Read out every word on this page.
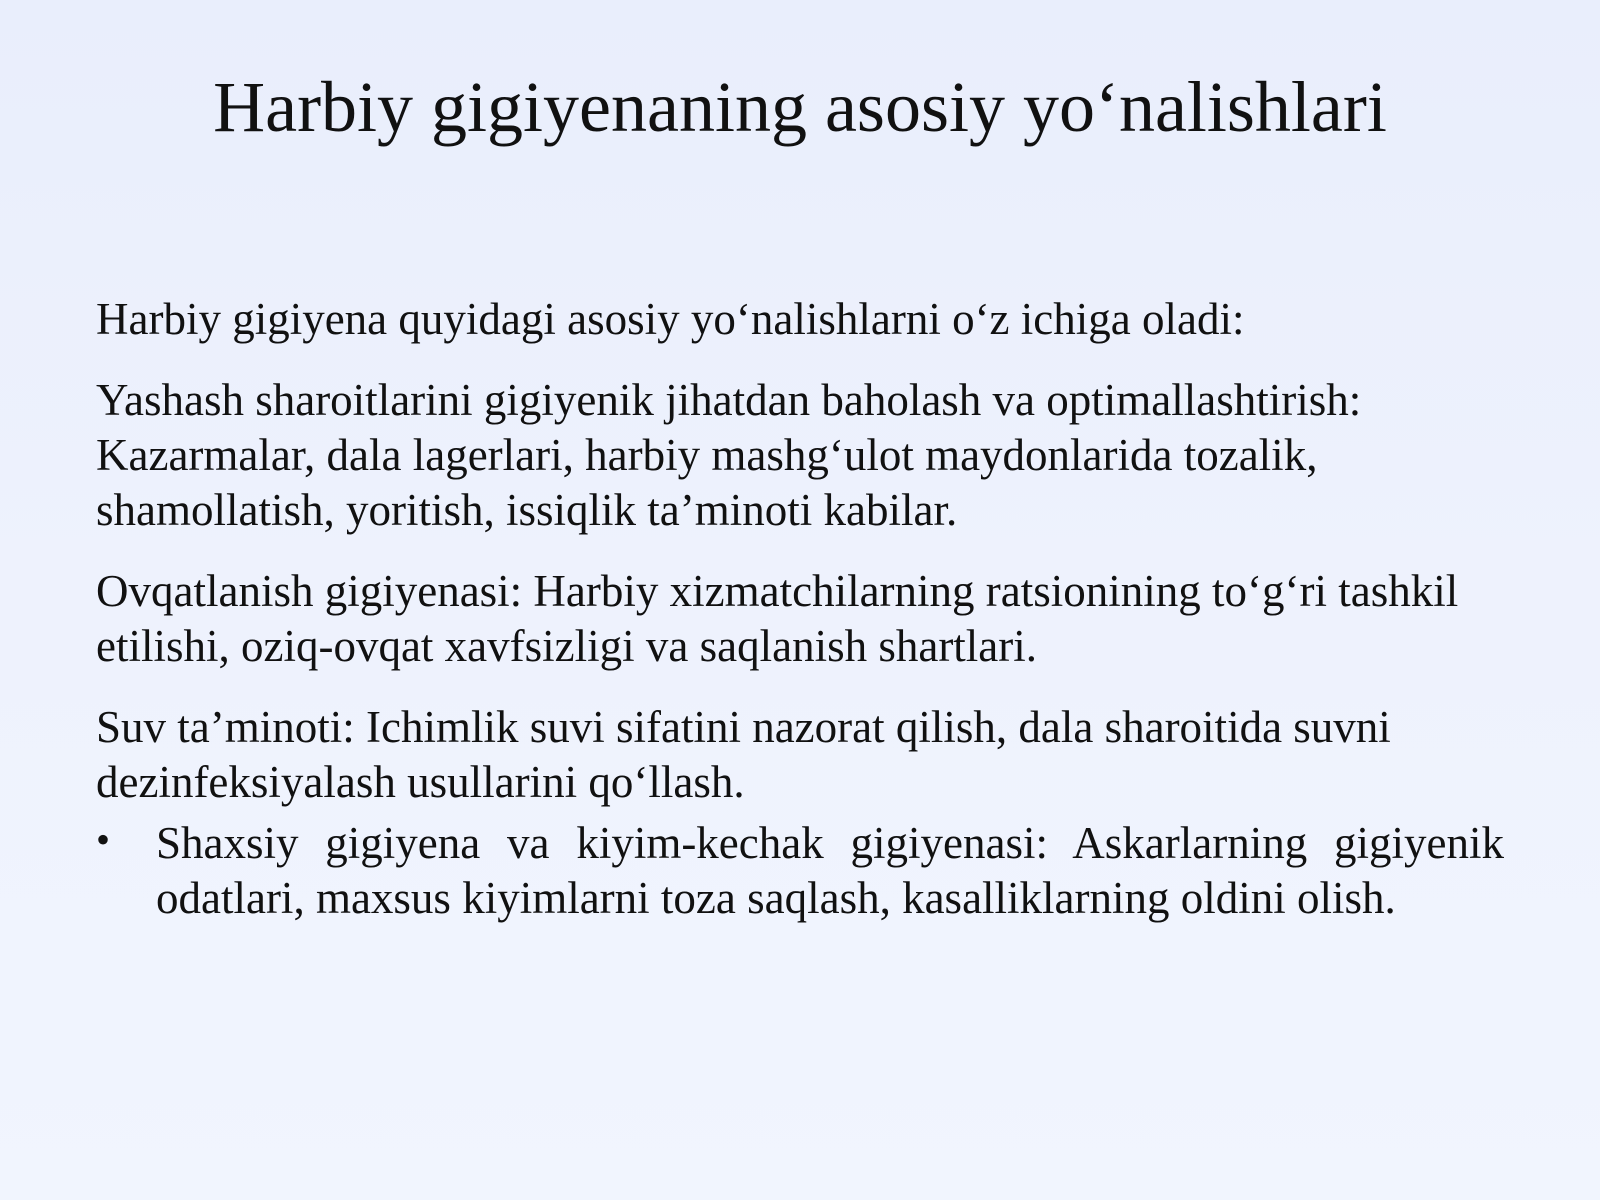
Harbiy gigiyenaning asosiy yo‘nalishlari

Harbiy gigiyena quyidagi asosiy yo‘nalishlarni o‘z ichiga oladi:

Yashash sharoitlarini gigiyenik jihatdan baholash va optimallashtirish: Kazarmalar, dala lagerlari, harbiy mashg‘ulot maydonlarida tozalik, shamollatish, yoritish, issiqlik ta’minoti kabilar.

Ovqatlanish gigiyenasi: Harbiy xizmatchilarning ratsionining to‘g‘ri tashkil etilishi, oziq-ovqat xavfsizligi va saqlanish shartlari.

Suv ta’minoti: Ichimlik suvi sifatini nazorat qilish, dala sharoitida suvni dezinfeksiyalash usullarini qo‘llash.

• Shaxsiy gigiyena va kiyim-kechak gigiyenasi: Askarlarning gigiyenik odatlari, maxsus kiyimlarni toza saqlash, kasalliklarning oldini olish.
